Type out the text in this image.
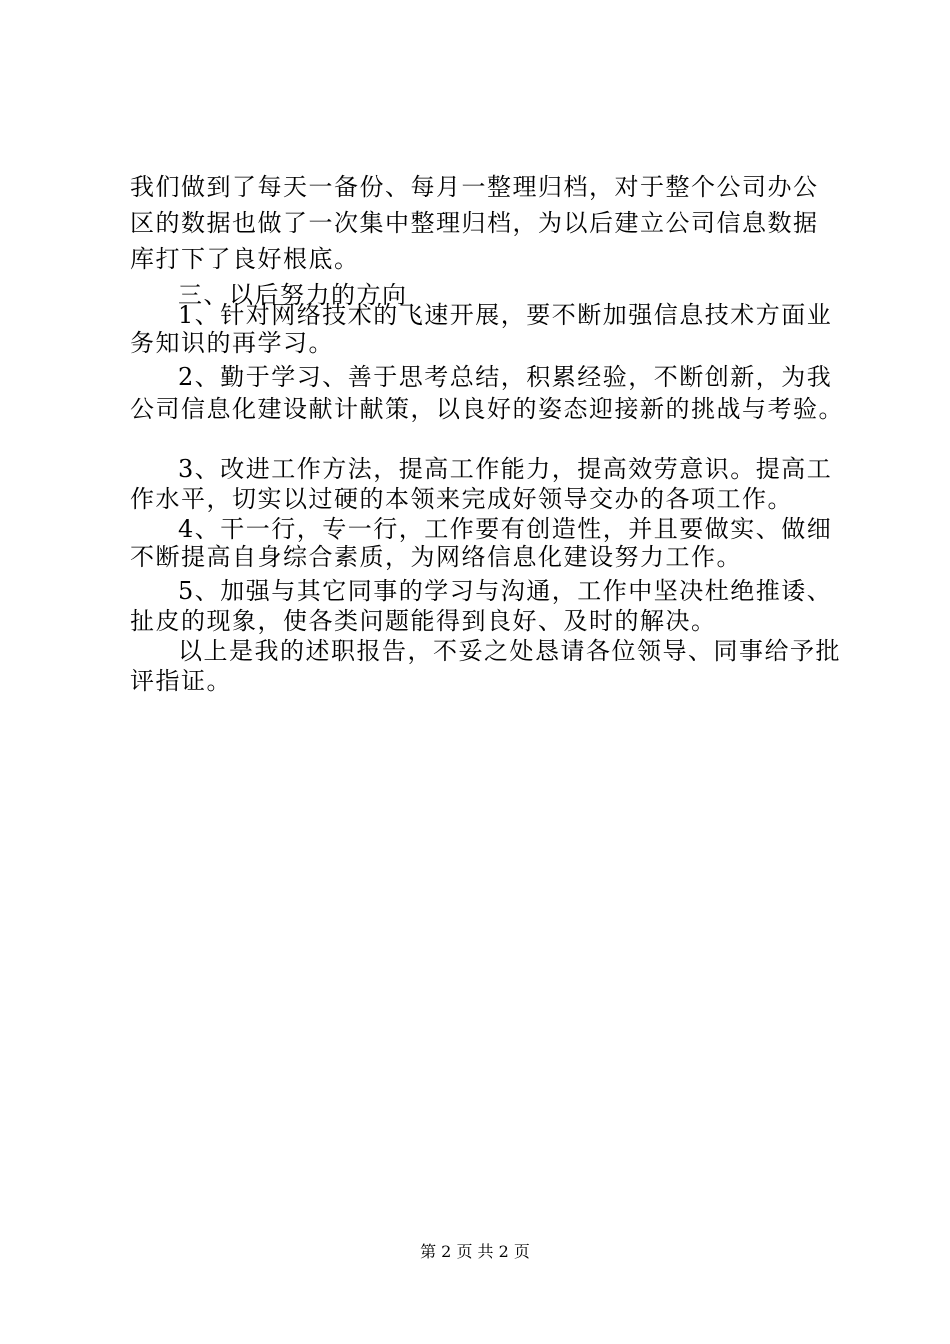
我们做到了每天一备份、每月一整理归档，对于整个公司办公
区的数据也做了一次集中整理归档，为以后建立公司信息数据
库打下了良好根底。
三、以后努力的方向
1、针对网络技术的飞速开展，要不断加强信息技术方面业
务知识的再学习。
2、勤于学习、善于思考总结，积累经验，不断创新，为我
公司信息化建设献计献策，以良好的姿态迎接新的挑战与考验。
3、改进工作方法，提高工作能力，提高效劳意识。提高工
作水平，切实以过硬的本领来完成好领导交办的各项工作。
4、干一行，专一行，工作要有创造性，并且要做实、做细
不断提高自身综合素质，为网络信息化建设努力工作。
5、加强与其它同事的学习与沟通，工作中坚决杜绝推诿、
扯皮的现象，使各类问题能得到良好、及时的解决。
以上是我的述职报告，不妥之处恳请各位领导、同事给予批
评指证。
第 2 页 共 2 页
